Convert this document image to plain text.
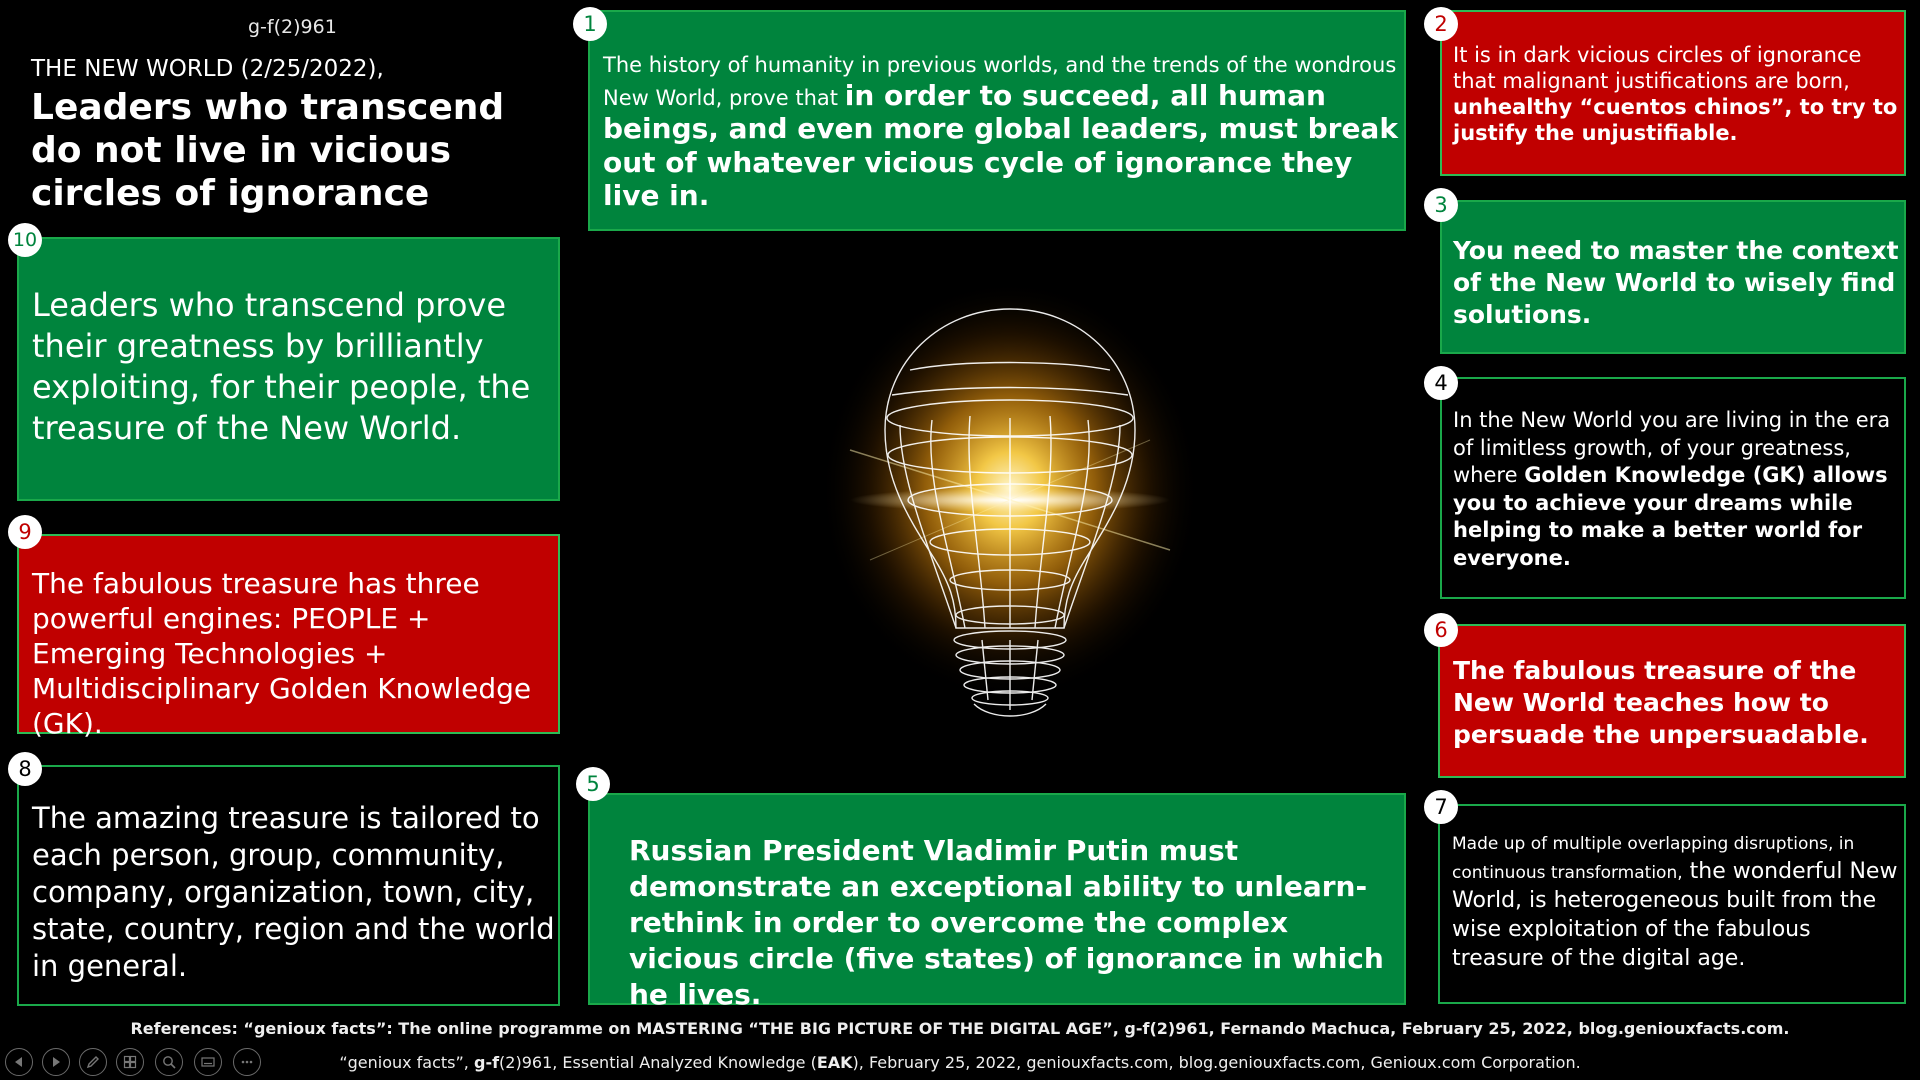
g-f(2)961
THE NEW WORLD (2/25/2022),
Leaders who transcend do not live in vicious circles of ignorance
1
The history of humanity in previous worlds, and the trends of the wondrous New World, prove that in order to succeed, all human beings, and even more global leaders, must break out of whatever vicious cycle of ignorance they live in.
2
It is in dark vicious circles of ignorance that malignant justifications are born, unhealthy “cuentos chinos”, to try to justify the unjustifiable.
3
You need to master the context of the New World to wisely find solutions.
4
In the New World you are living in the era of limitless growth, of your greatness, where Golden Knowledge (GK) allows you to achieve your dreams while helping to make a better world for everyone.
5
Russian President Vladimir Putin must demonstrate an exceptional ability to unlearn-rethink in order to overcome the complex vicious circle (five states) of ignorance in which he lives.
6
The fabulous treasure of the New World teaches how to persuade the unpersuadable.
7
Made up of multiple overlapping disruptions, in continuous transformation, the wonderful New World, is heterogeneous built from the wise exploitation of the fabulous treasure of the digital age.
8
The amazing treasure is tailored to each person, group, community, company, organization, town, city, state, country, region and the world in general.
9
The fabulous treasure has three powerful engines: PEOPLE + Emerging Technologies + Multidisciplinary Golden Knowledge (GK).
10
Leaders who transcend prove their greatness by brilliantly exploiting, for their people, the treasure of the New World.
References: “genioux facts”: The online programme on MASTERING “THE BIG PICTURE OF THE DIGITAL AGE”, g-f(2)961, Fernando Machuca, February 25, 2022, blog.geniouxfacts.com.
“genioux facts”, g-f(2)961, Essential Analyzed Knowledge (EAK), February 25, 2022, geniouxfacts.com, blog.geniouxfacts.com, Genioux.com Corporation.
